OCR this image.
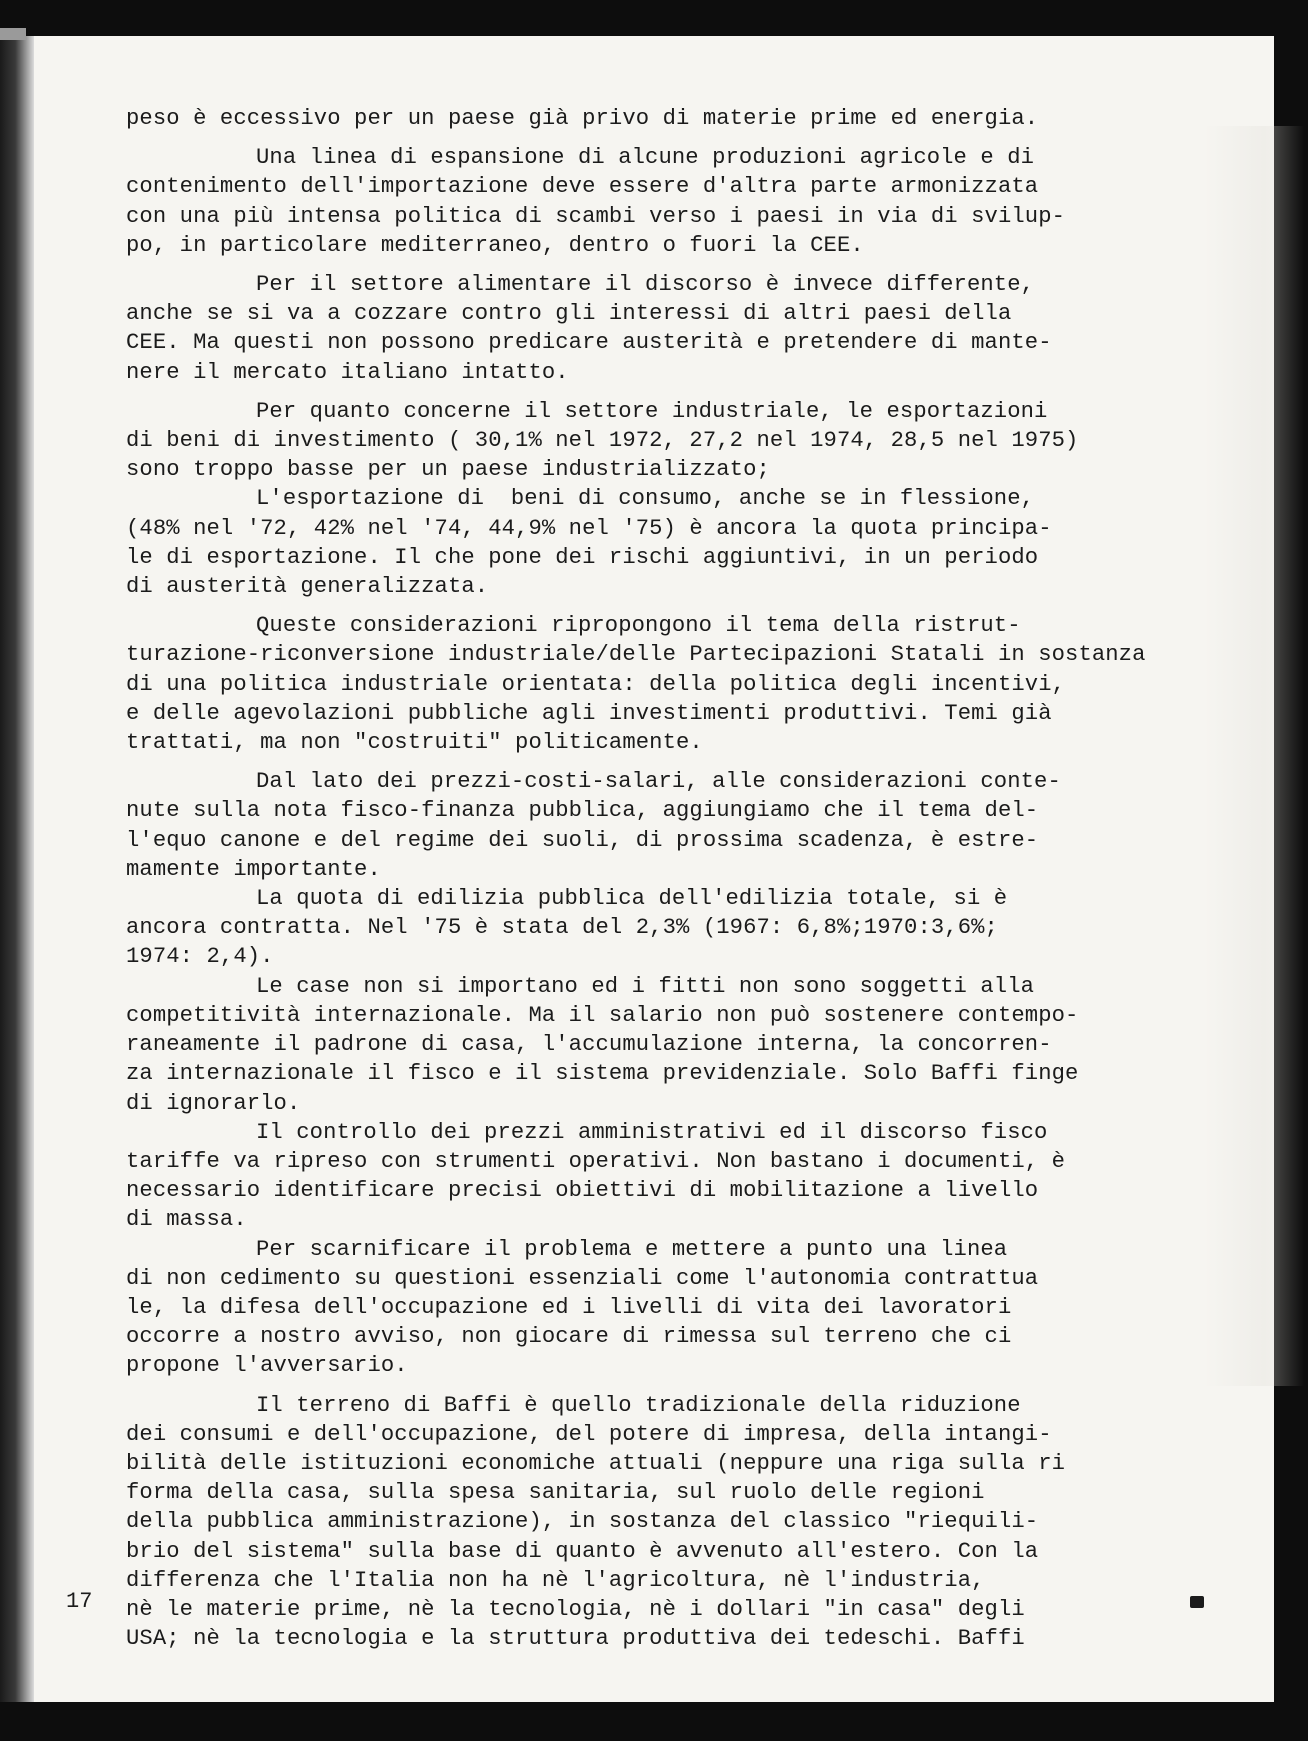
peso è eccessivo per un paese già privo di materie prime ed energia.

Una linea di espansione di alcune produzioni agricole e di
contenimento dell'importazione deve essere d'altra parte armonizzata
con una più intensa politica di scambi verso i paesi in via di svilup-
po, in particolare mediterraneo, dentro o fuori la CEE.

Per il settore alimentare il discorso è invece differente,
anche se si va a cozzare contro gli interessi di altri paesi della
CEE. Ma questi non possono predicare austerità e pretendere di mante-
nere il mercato italiano intatto.

Per quanto concerne il settore industriale, le esportazioni
di beni di investimento ( 30,1% nel 1972, 27,2 nel 1974, 28,5 nel 1975)
sono troppo basse per un paese industrializzato;

L'esportazione di  beni di consumo, anche se in flessione,
(48% nel '72, 42% nel '74, 44,9% nel '75) è ancora la quota principa-
le di esportazione. Il che pone dei rischi aggiuntivi, in un periodo
di austerità generalizzata.

Queste considerazioni ripropongono il tema della ristrut-
turazione-riconversione industriale/delle Partecipazioni Statali in sostanza
di una politica industriale orientata: della politica degli incentivi,
e delle agevolazioni pubbliche agli investimenti produttivi. Temi già
trattati, ma non "costruiti" politicamente.

Dal lato dei prezzi-costi-salari, alle considerazioni conte-
nute sulla nota fisco-finanza pubblica, aggiungiamo che il tema del-
l'equo canone e del regime dei suoli, di prossima scadenza, è estre-
mamente importante.

La quota di edilizia pubblica dell'edilizia totale, si è
ancora contratta. Nel '75 è stata del 2,3% (1967: 6,8%;1970:3,6%;
1974: 2,4).

Le case non si importano ed i fitti non sono soggetti alla
competitività internazionale. Ma il salario non può sostenere contempo-
raneamente il padrone di casa, l'accumulazione interna, la concorren-
za internazionale il fisco e il sistema previdenziale. Solo Baffi finge
di ignorarlo.

Il controllo dei prezzi amministrativi ed il discorso fisco
tariffe va ripreso con strumenti operativi. Non bastano i documenti, è
necessario identificare precisi obiettivi di mobilitazione a livello
di massa.

Per scarnificare il problema e mettere a punto una linea
di non cedimento su questioni essenziali come l'autonomia contrattua
le, la difesa dell'occupazione ed i livelli di vita dei lavoratori
occorre a nostro avviso, non giocare di rimessa sul terreno che ci
propone l'avversario.

Il terreno di Baffi è quello tradizionale della riduzione
dei consumi e dell'occupazione, del potere di impresa, della intangi-
bilità delle istituzioni economiche attuali (neppure una riga sulla ri
forma della casa, sulla spesa sanitaria, sul ruolo delle regioni
della pubblica amministrazione), in sostanza del classico "riequili-
brio del sistema" sulla base di quanto è avvenuto all'estero. Con la
differenza che l'Italia non ha nè l'agricoltura, nè l'industria,
nè le materie prime, nè la tecnologia, nè i dollari "in casa" degli
USA; nè la tecnologia e la struttura produttiva dei tedeschi. Baffi

17
